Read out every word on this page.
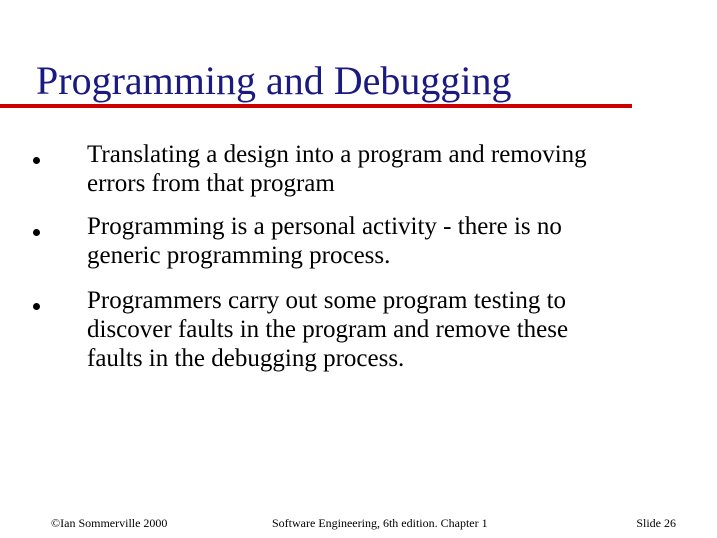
Programming and Debugging
Translating a design into a program and removing
errors from that program
Programming is a personal activity - there is no
generic programming process.
Programmers carry out some program testing to
discover faults in the program and remove these
faults in the debugging process.
©Ian Sommerville 2000	Software Engineering, 6th edition. Chapter 1	Slide 26
